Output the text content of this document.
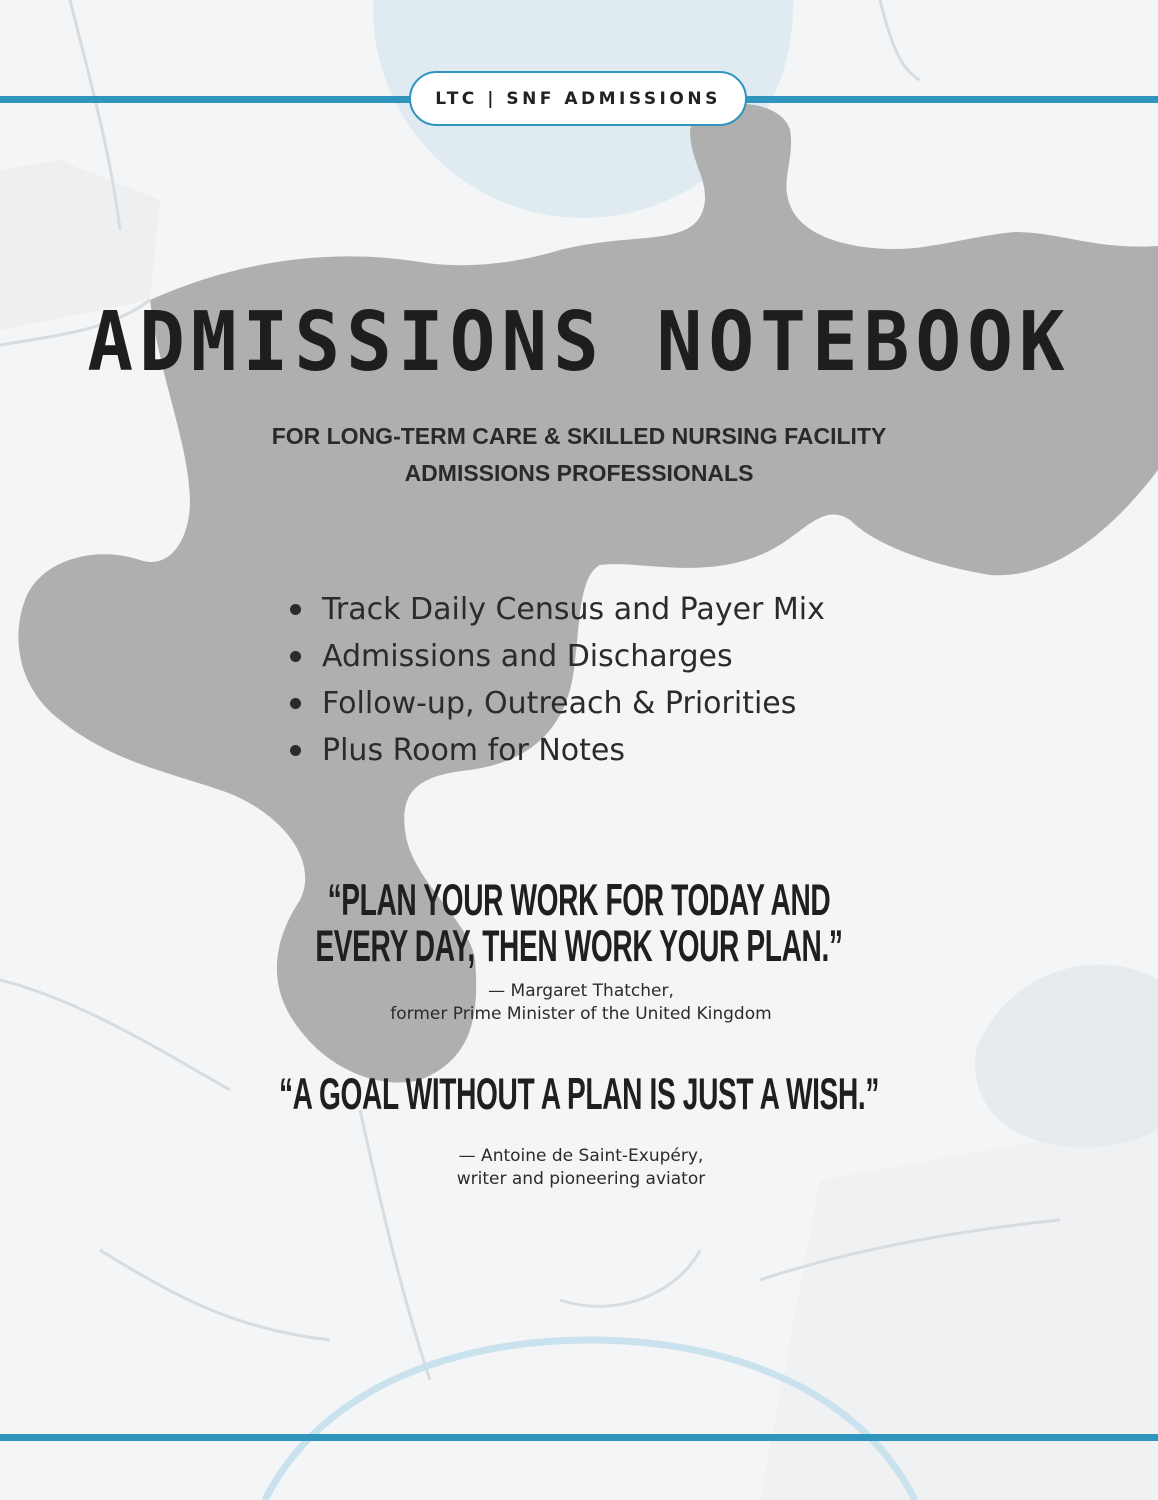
LTC | SNF ADMISSIONS
ADMISSIONS NOTEBOOK
FOR LONG-TERM CARE & SKILLED NURSING FACILITY
ADMISSIONS PROFESSIONALS
Track Daily Census and Payer Mix
Admissions and Discharges
Follow-up, Outreach & Priorities
Plus Room for Notes
“PLAN YOUR WORK FOR TODAY AND
EVERY DAY, THEN WORK YOUR PLAN.”
— Margaret Thatcher,
former Prime Minister of the United Kingdom
“A GOAL WITHOUT A PLAN IS JUST A WISH.”
— Antoine de Saint-Exupéry,
writer and pioneering aviator
